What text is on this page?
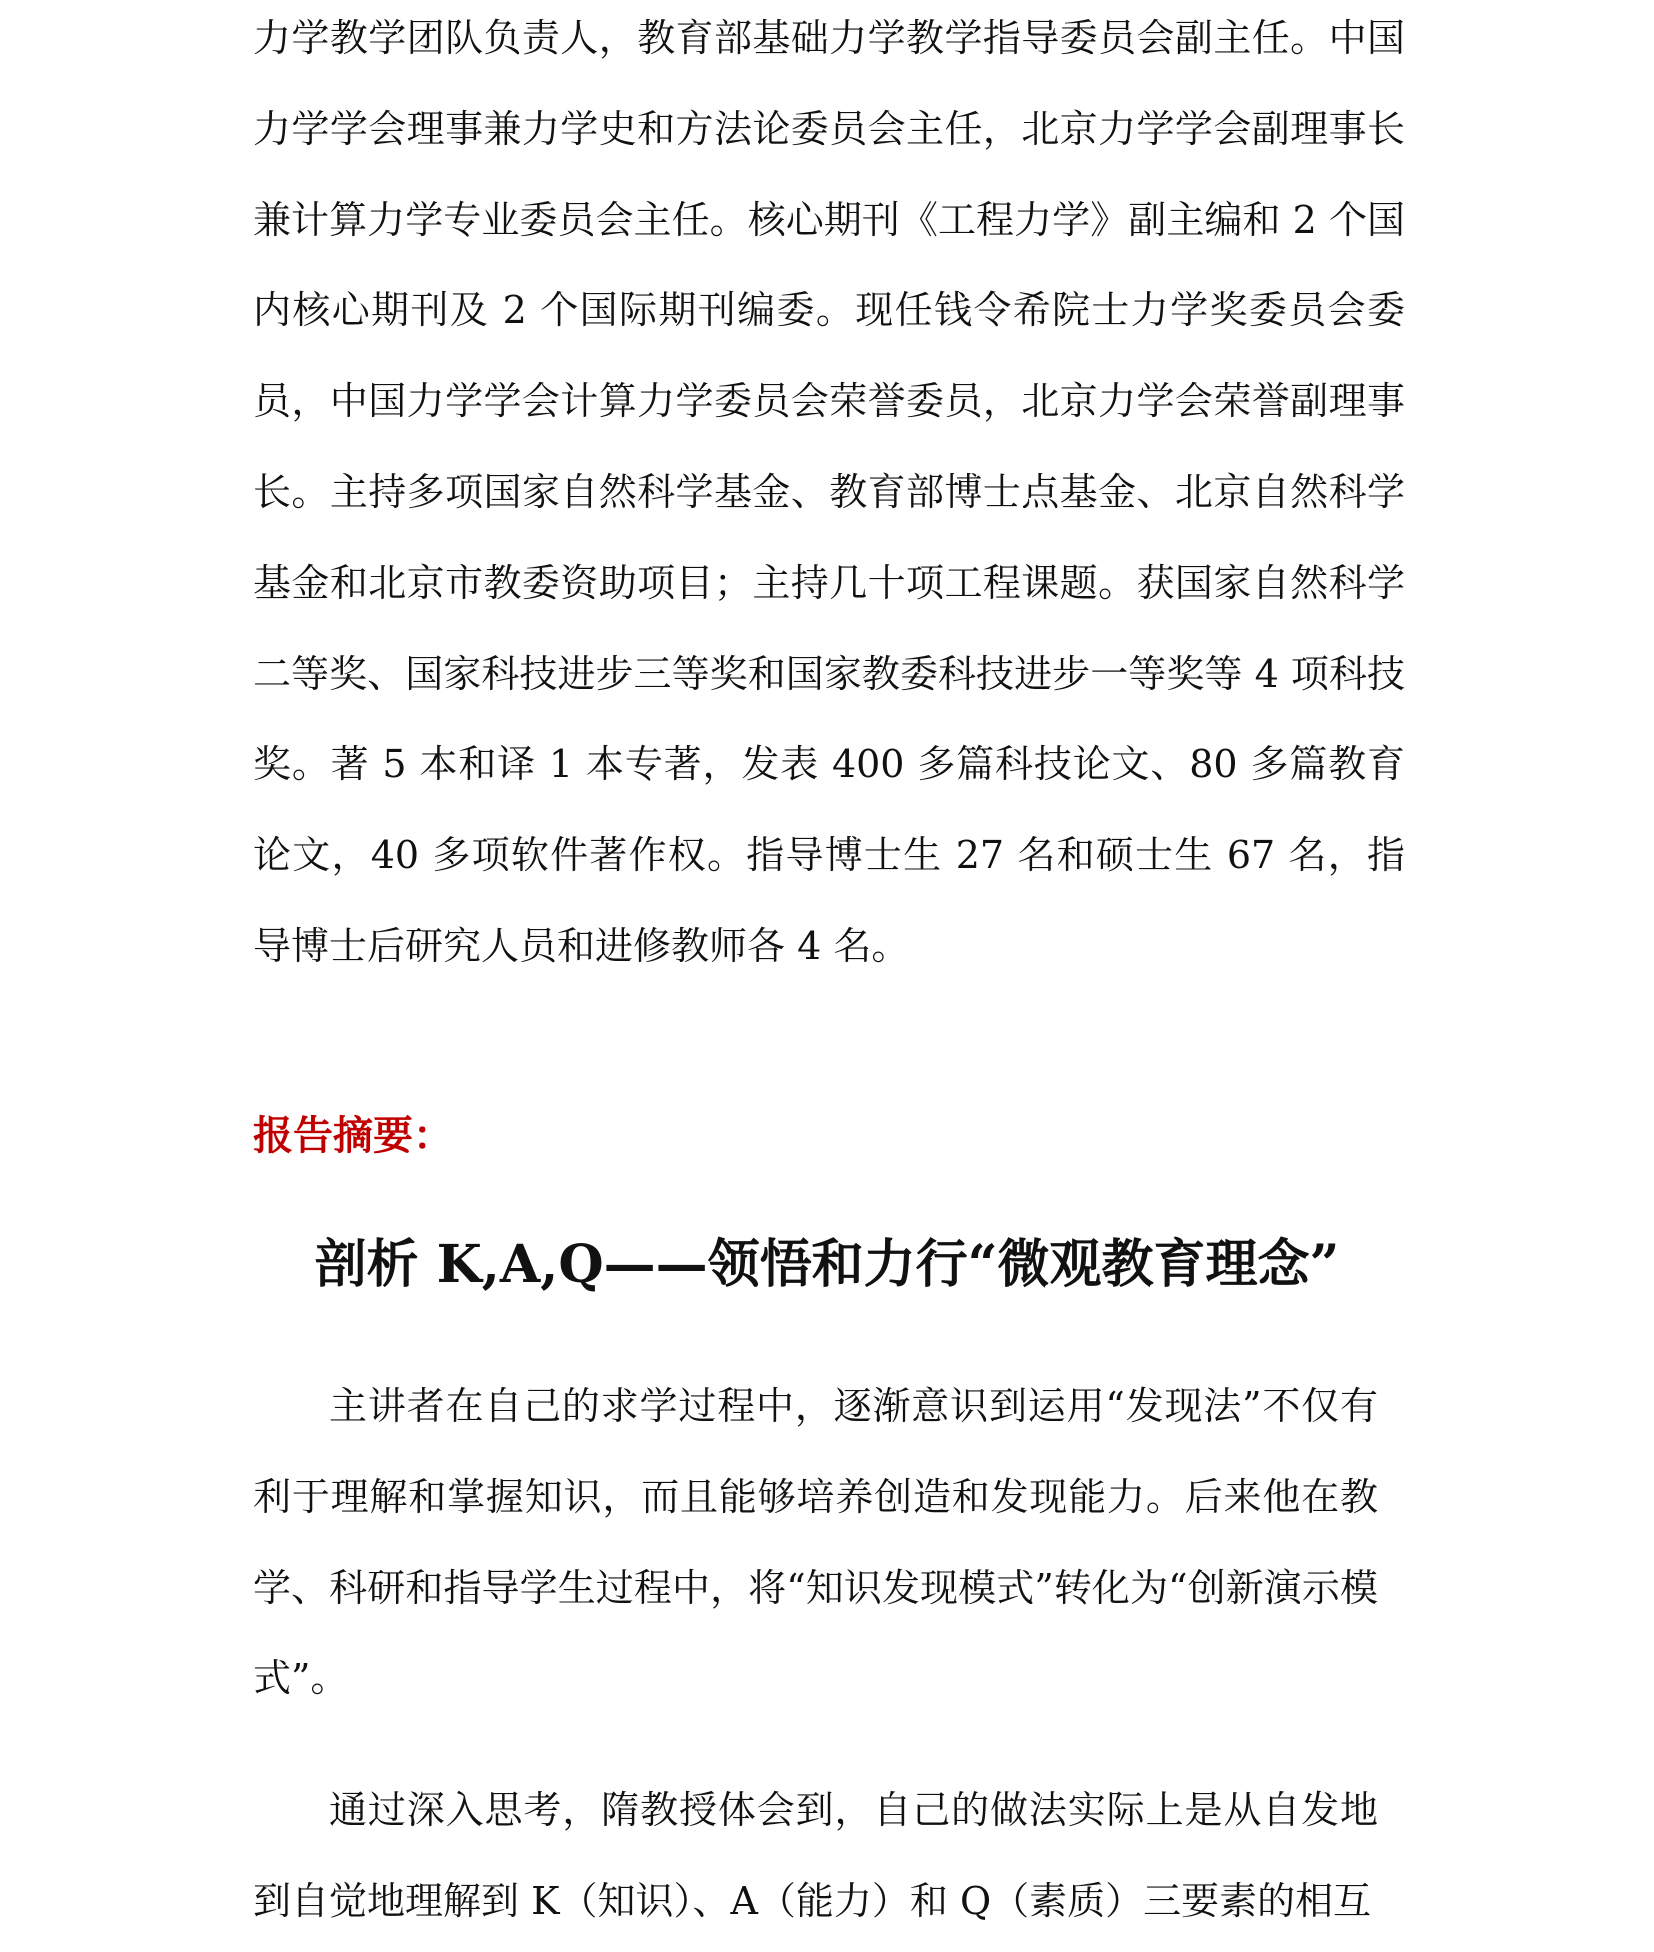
力学教学团队负责人，教育部基础力学教学指导委员会副主任。中国力学学会理事兼力学史和方法论委员会主任，北京力学学会副理事长兼计算力学专业委员会主任。核心期刊《工程力学》副主编和 2 个国内核心期刊及 2 个国际期刊编委。现任钱令希院士力学奖委员会委员，中国力学学会计算力学委员会荣誉委员，北京力学会荣誉副理事长。主持多项国家自然科学基金、教育部博士点基金、北京自然科学基金和北京市教委资助项目；主持几十项工程课题。获国家自然科学二等奖、国家科技进步三等奖和国家教委科技进步一等奖等 4 项科技奖。著 5 本和译 1 本专著，发表 400 多篇科技论文、80 多篇教育论文，40 多项软件著作权。指导博士生 27 名和硕士生 67 名，指导博士后研究人员和进修教师各 4 名。

报告摘要：
剖析 K,A,Q——领悟和力行“微观教育理念”

主讲者在自己的求学过程中，逐渐意识到运用“发现法”不仅有利于理解和掌握知识，而且能够培养创造和发现能力。后来他在教学、科研和指导学生过程中，将“知识发现模式”转化为“创新演示模式”。

通过深入思考，隋教授体会到，自己的做法实际上是从自发地到自觉地理解到 K（知识）、A（能力）和 Q（素质）三要素的相互
